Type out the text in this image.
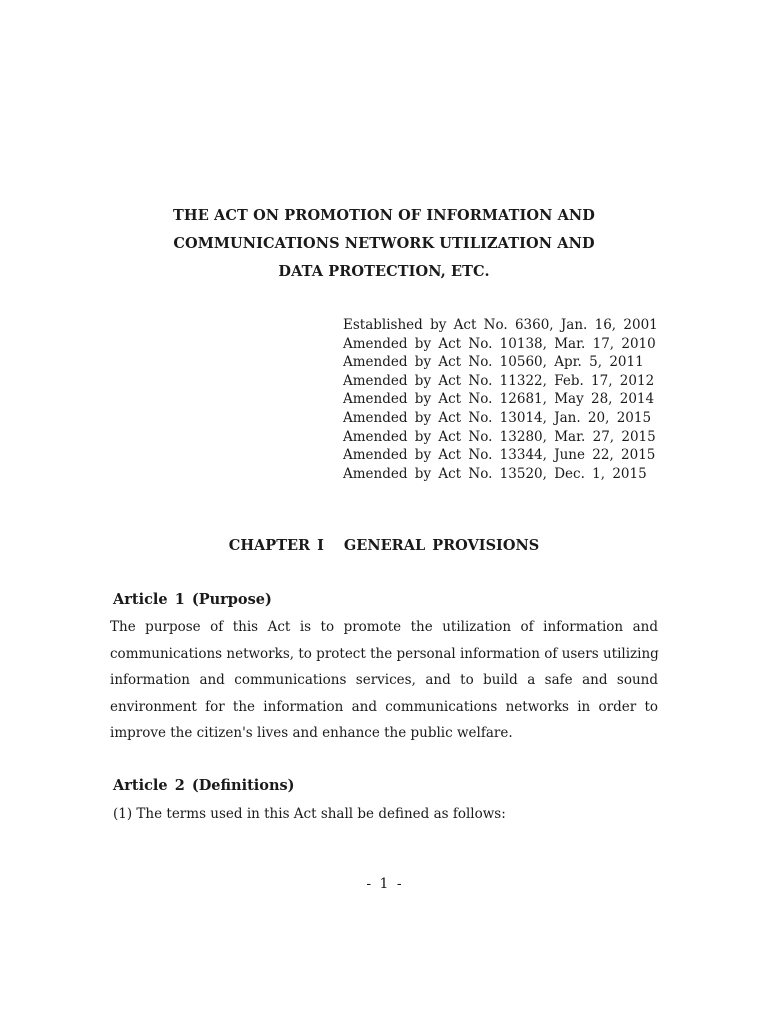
THE ACT ON PROMOTION OF INFORMATION AND
COMMUNICATIONS NETWORK UTILIZATION AND
DATA PROTECTION, ETC.
Established by Act No. 6360, Jan. 16, 2001
Amended by Act No. 10138, Mar. 17, 2010
Amended by Act No. 10560, Apr. 5, 2011
Amended by Act No. 11322, Feb. 17, 2012
Amended by Act No. 12681, May 28, 2014
Amended by Act No. 13014, Jan. 20, 2015
Amended by Act No. 13280, Mar. 27, 2015
Amended by Act No. 13344, June 22, 2015
Amended by Act No. 13520, Dec. 1, 2015
CHAPTER I GENERAL PROVISIONS
Article 1 (Purpose)
The purpose of this Act is to promote the utilization of information and
communications networks, to protect the personal information of users utilizing
information and communications services, and to build a safe and sound
environment for the information and communications networks in order to
improve the citizen's lives and enhance the public welfare.
Article 2 (Definitions)
(1) The terms used in this Act shall be defined as follows:
- 1 -
